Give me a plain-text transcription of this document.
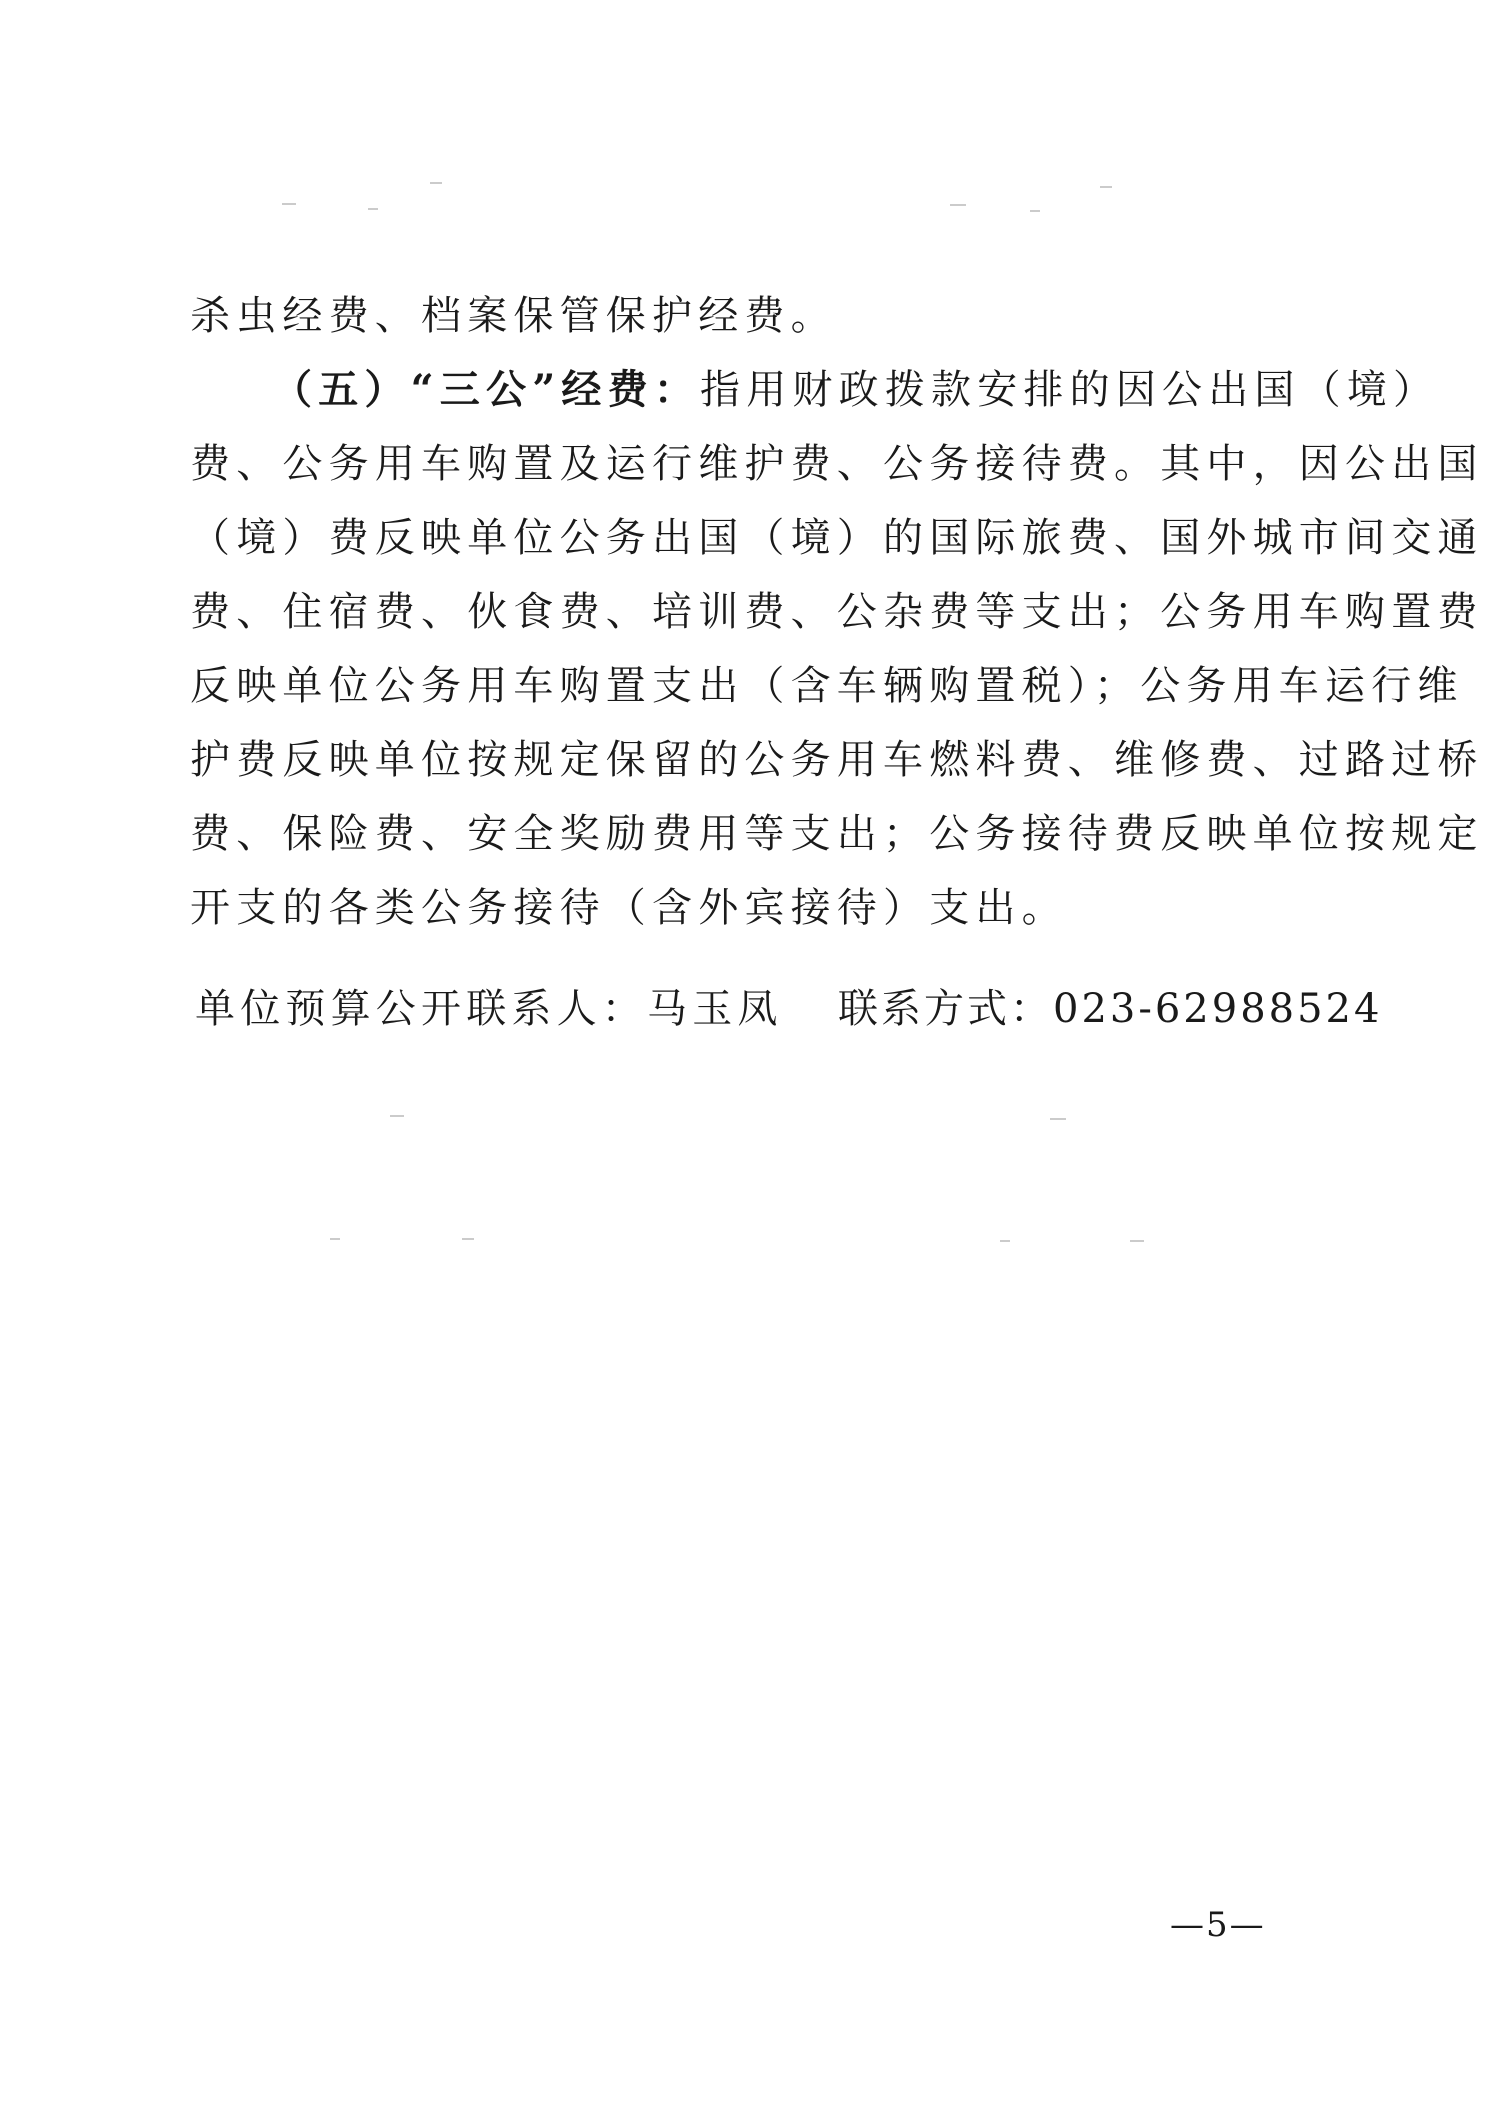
杀虫经费、档案保管保护经费。
（五）“三公”经费：指用财政拨款安排的因公出国（境）
费、公务用车购置及运行维护费、公务接待费。其中，因公出国
（境）费反映单位公务出国（境）的国际旅费、国外城市间交通
费、住宿费、伙食费、培训费、公杂费等支出；公务用车购置费
反映单位公务用车购置支出（含车辆购置税）；公务用车运行维
护费反映单位按规定保留的公务用车燃料费、维修费、过路过桥
费、保险费、安全奖励费用等支出；公务接待费反映单位按规定
开支的各类公务接待（含外宾接待）支出。
单位预算公开联系人：马玉凤 联系方式：023-62988524
—5—
